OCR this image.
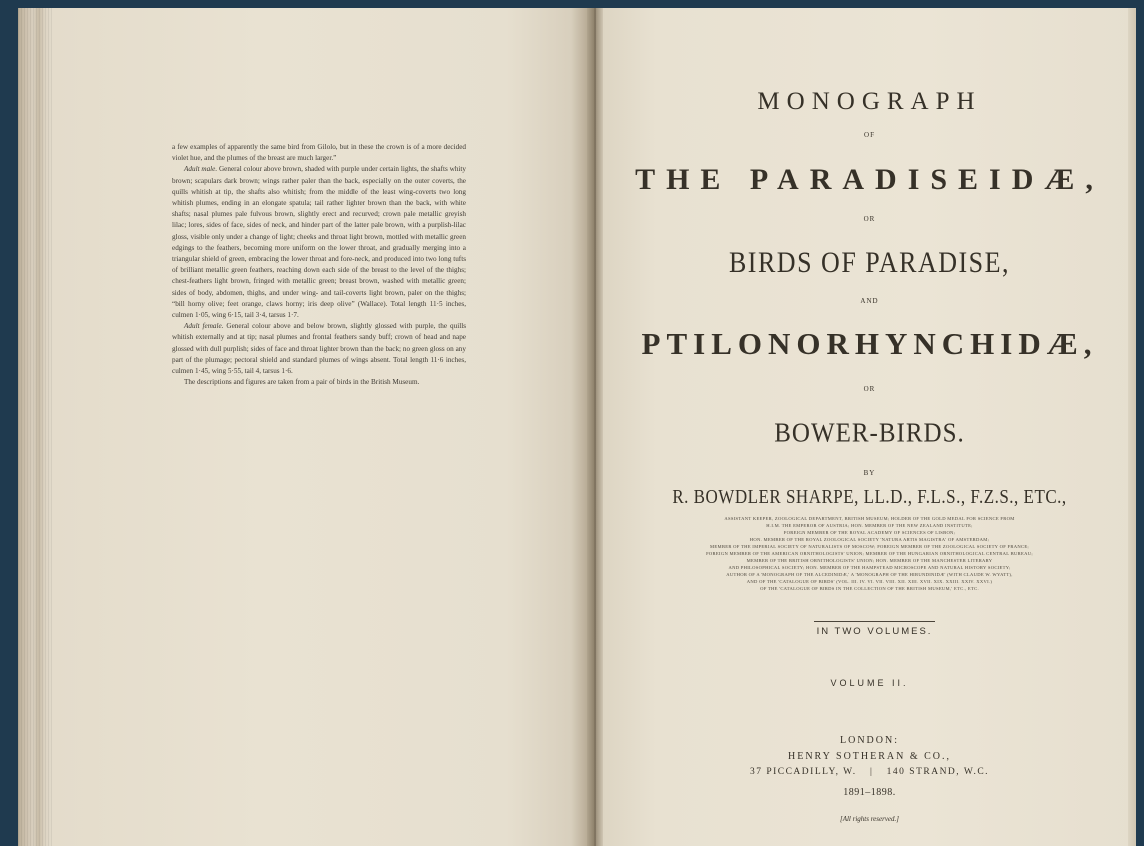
a few examples of apparently the same bird from Gilolo, but in these the crown is of a more decided violet hue, and the plumes of the breast are much larger.”

Adult male. General colour above brown, shaded with purple under certain lights, the shafts whity brown; scapulars dark brown; wings rather paler than the back, especially on the outer coverts, the quills whitish at tip, the shafts also whitish; from the middle of the least wing-coverts two long whitish plumes, ending in an elongate spatula; tail rather lighter brown than the back, with white shafts; nasal plumes pale fulvous brown, slightly erect and recurved; crown pale metallic greyish lilac; lores, sides of face, sides of neck, and hinder part of the latter pale brown, with a purplish-lilac gloss, visible only under a change of light; cheeks and throat light brown, mottled with metallic green edgings to the feathers, becoming more uniform on the lower throat, and gradually merging into a triangular shield of green, embracing the lower throat and fore-neck, and produced into two long tufts of brilliant metallic green feathers, reaching down each side of the breast to the level of the thighs; chest-feathers light brown, fringed with metallic green; breast brown, washed with metallic green; sides of body, abdomen, thighs, and under wing- and tail-coverts light brown, paler on the thighs; “bill horny olive; feet orange, claws horny; iris deep olive” (Wallace). Total length 11·5 inches, culmen 1·05, wing 6·15, tail 3·4, tarsus 1·7.

Adult female. General colour above and below brown, slightly glossed with purple, the quills whitish externally and at tip; nasal plumes and frontal feathers sandy buff; crown of head and nape glossed with dull purplish; sides of face and throat lighter brown than the back; no green gloss on any part of the plumage; pectoral shield and standard plumes of wings absent. Total length 11·6 inches, culmen 1·45, wing 5·55, tail 4, tarsus 1·6.

The descriptions and figures are taken from a pair of birds in the British Museum.

MONOGRAPH
OF
THE PARADISEIDÆ,
OR
BIRDS OF PARADISE,
AND
PTILONORHYNCHIDÆ,
OR
BOWER-BIRDS.
BY
R. BOWDLER SHARPE, LL.D., F.L.S., F.Z.S., ETC.,
ASSISTANT KEEPER, ZOOLOGICAL DEPARTMENT, BRITISH MUSEUM; HOLDER OF THE GOLD MEDAL FOR SCIENCE FROM
H.I.M. THE EMPEROR OF AUSTRIA; HON. MEMBER OF THE NEW ZEALAND INSTITUTE;
FOREIGN MEMBER OF THE ROYAL ACADEMY OF SCIENCES OF LISBON;
HON. MEMBER OF THE ROYAL ZOOLOGICAL SOCIETY 'NATURA ARTIS MAGISTRA' OF AMSTERDAM;
MEMBER OF THE IMPERIAL SOCIETY OF NATURALISTS OF MOSCOW; FOREIGN MEMBER OF THE ZOOLOGICAL SOCIETY OF FRANCE;
FOREIGN MEMBER OF THE AMERICAN ORNITHOLOGISTS' UNION; MEMBER OF THE HUNGARIAN ORNITHOLOGICAL CENTRAL BUREAU;
MEMBER OF THE BRITISH ORNITHOLOGISTS' UNION; HON. MEMBER OF THE MANCHESTER LITERARY
AND PHILOSOPHICAL SOCIETY; HON. MEMBER OF THE HAMPSTEAD MICROSCOPE AND NATURAL HISTORY SOCIETY;
AUTHOR OF A 'MONOGRAPH OF THE ALCEDINIDÆ,' A 'MONOGRAPH OF THE HIRUNDINIDÆ' (WITH CLAUDE W. WYATT),
AND OF THE 'CATALOGUE OF BIRDS' (VOL. III. IV. VI. VII. VIII. XII. XIII. XVII. XIX. XXIII. XXIV. XXVI.)
OF THE 'CATALOGUE OF BIRDS IN THE COLLECTION OF THE BRITISH MUSEUM,' ETC., ETC.
IN TWO VOLUMES.
VOLUME II.
LONDON:
HENRY SOTHERAN & CO.,
37 PICCADILLY, W. | 140 STRAND, W.C.
1891–1898.
[All rights reserved.]
